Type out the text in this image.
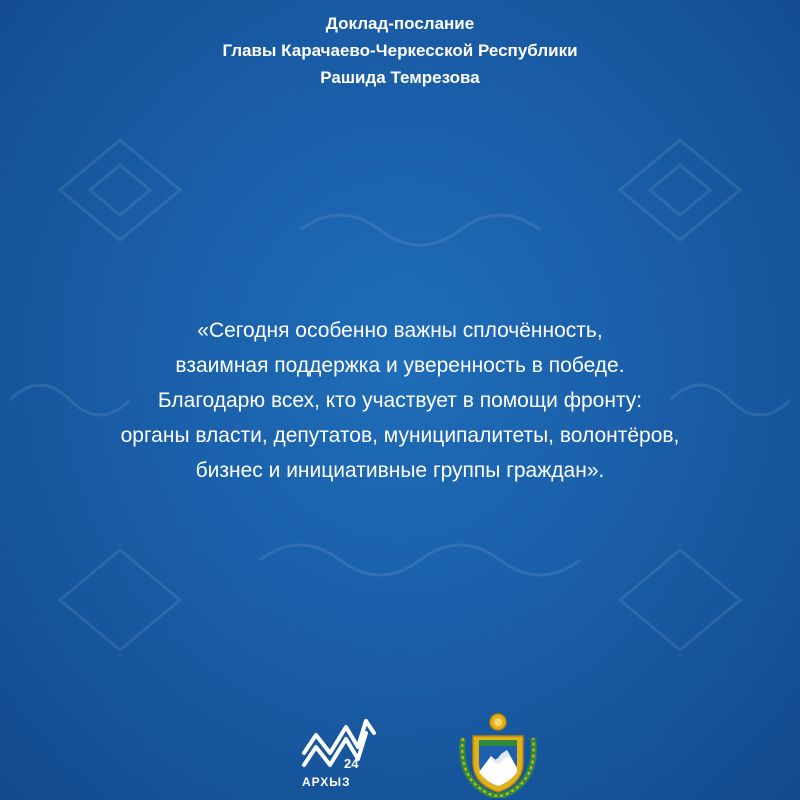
Доклад-послание
Главы Карачаево-Черкесской Республики
Рашида Темрезова
«Сегодня особенно важны сплочённость,
взаимная поддержка и уверенность в победе.
Благодарю всех, кто участвует в помощи фронту:
органы власти, депутатов, муниципалитеты, волонтёров,
бизнес и инициативные группы граждан».
24
АРХЫЗ
